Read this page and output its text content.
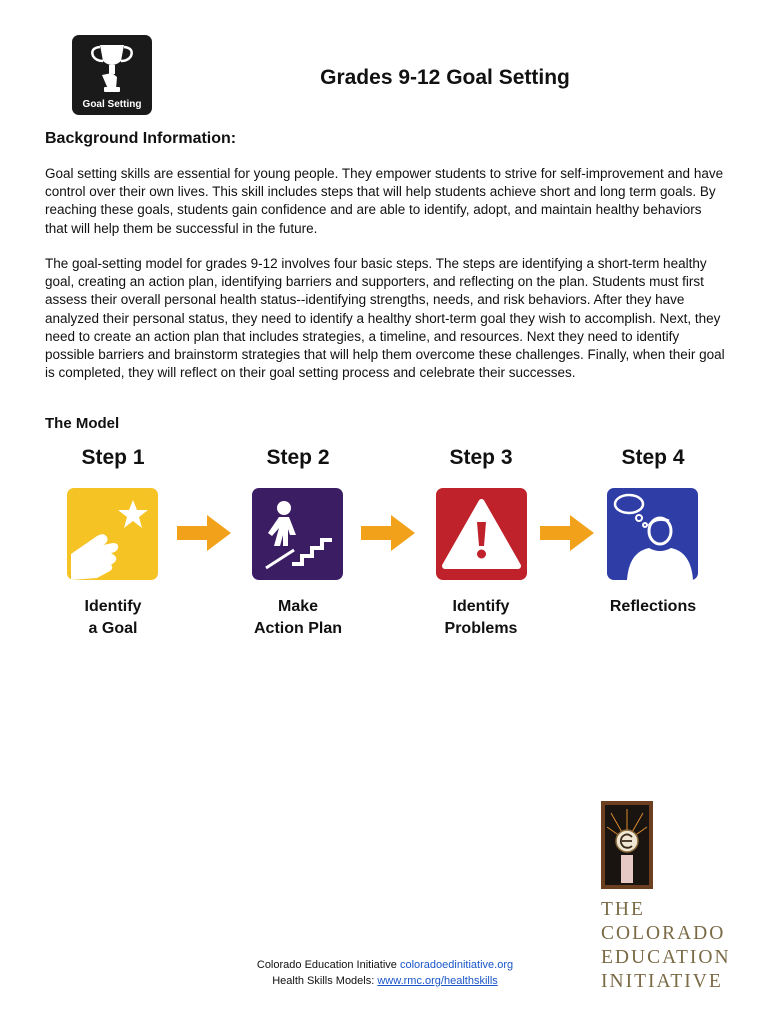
Goal Setting
Grades 9-12 Goal Setting
Background Information:

Goal setting skills are essential for young people. They empower students to strive for self-improvement and have control over their own lives. This skill includes steps that will help students achieve short and long term goals. By reaching these goals, students gain confidence and are able to identify, adopt, and maintain healthy behaviors that will help them be successful in the future.

The goal-setting model for grades 9-12 involves four basic steps. The steps are identifying a short-term healthy goal, creating an action plan, identifying barriers and supporters, and reflecting on the plan. Students must first assess their overall personal health status--identifying strengths, needs, and risk behaviors. After they have analyzed their personal status, they need to identify a healthy short-term goal they wish to accomplish. Next, they need to create an action plan that includes strategies, a timeline, and resources. Next they need to identify possible barriers and brainstorm strategies that will help them overcome these challenges. Finally, when their goal is completed, they will reflect on their goal setting process and celebrate their successes.

The Model
Step 1	Step 2	Step 3	Step 4
Identify
a Goal
Make
Action Plan
Identify
Problems
Reflections
Colorado Education Initiative coloradoedinitiative.org
Health Skills Models: www.rmc.org/healthskills
THE
COLORADO
EDUCATION
INITIATIVE
